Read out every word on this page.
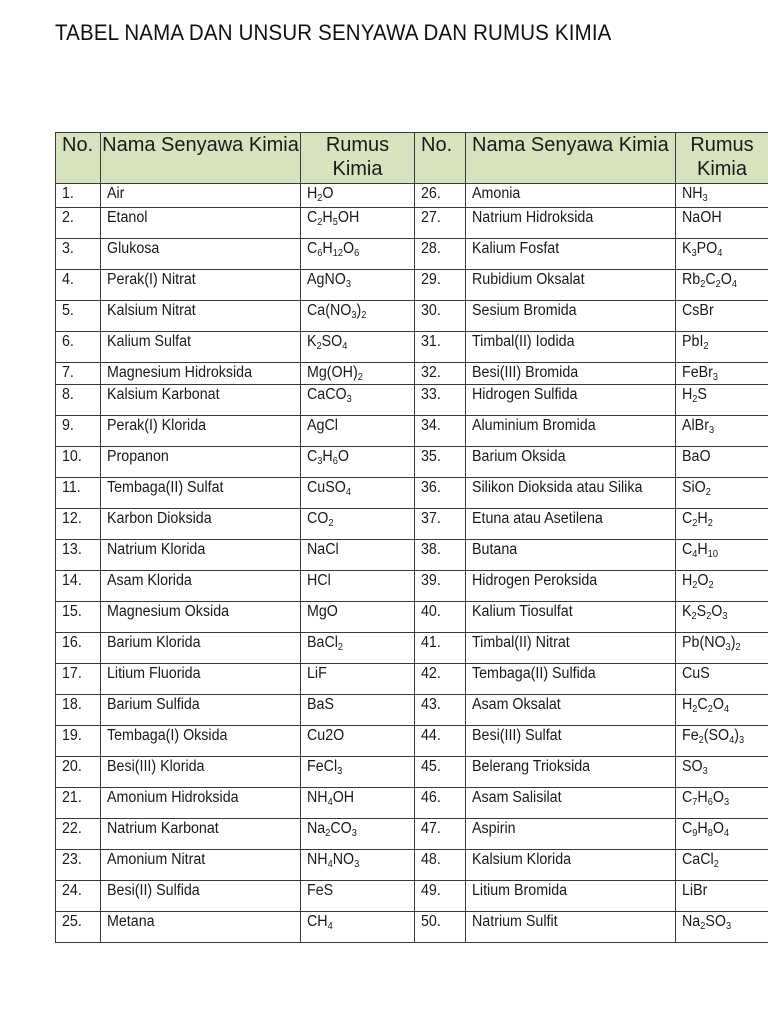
TABEL NAMA DAN UNSUR SENYAWA DAN RUMUS KIMIA
No.	Nama Senyawa Kimia	Rumus Kimia	No.	Nama Senyawa Kimia	Rumus Kimia
1.	Air	$H_2O$	26.	Amonia	$NH_3$
2.	Etanol	$C_2H_5OH$	27.	Natrium Hidroksida	NaOH
3.	Glukosa	$C_6H_{12}O_6$	28.	Kalium Fosfat	$K_3PO_4$
4.	Perak(I) Nitrat	AgNO$_3$	29.	Rubidium Oksalat	$Rb_2C_2O_4$
5.	Kalsium Nitrat	$Ca(NO_3)_2$	30.	Sesium Bromida	CsBr
6.	Kalium Sulfat	$K_2SO_4$	31.	Timbal(II) Iodida	PbI$_2$
7.	Magnesium Hidroksida	$Mg(OH)_2$	32.	Besi(III) Bromida	FeBr$_3$
8.	Kalsium Karbonat	CaCO$_3$	33.	Hidrogen Sulfida	$H_2S$
9.	Perak(I) Klorida	AgCl	34.	Aluminium Bromida	AlBr$_3$
10.	Propanon	$C_3H_6O$	35.	Barium Oksida	BaO
11.	Tembaga(II) Sulfat	CuSO$_4$	36.	Silikon Dioksida atau Silika	SiO$_2$
12.	Karbon Dioksida	$CO_2$	37.	Etuna atau Asetilena	$C_2H_2$
13.	Natrium Klorida	NaCl	38.	Butana	$C_4H_{10}$
14.	Asam Klorida	HCl	39.	Hidrogen Peroksida	$H_2O_2$
15.	Magnesium Oksida	MgO	40.	Kalium Tiosulfat	$K_2S_2O_3$
16.	Barium Klorida	BaCl$_2$	41.	Timbal(II) Nitrat	$Pb(NO_3)_2$
17.	Litium Fluorida	LiF	42.	Tembaga(II) Sulfida	CuS
18.	Barium Sulfida	BaS	43.	Asam Oksalat	$H_2C_2O_4$
19.	Tembaga(I) Oksida	Cu2O	44.	Besi(III) Sulfat	$Fe_2(SO_4)_3$
20.	Besi(III) Klorida	FeCl$_3$	45.	Belerang Trioksida	$SO_3$
21.	Amonium Hidroksida	$NH_4OH$	46.	Asam Salisilat	$C_7H_6O_3$
22.	Natrium Karbonat	$Na_2CO_3$	47.	Aspirin	$C_9H_8O_4$
23.	Amonium Nitrat	$NH_4NO_3$	48.	Kalsium Klorida	CaCl$_2$
24.	Besi(II) Sulfida	FeS	49.	Litium Bromida	LiBr
25.	Metana	$CH_4$	50.	Natrium Sulfit	$Na_2SO_3$
